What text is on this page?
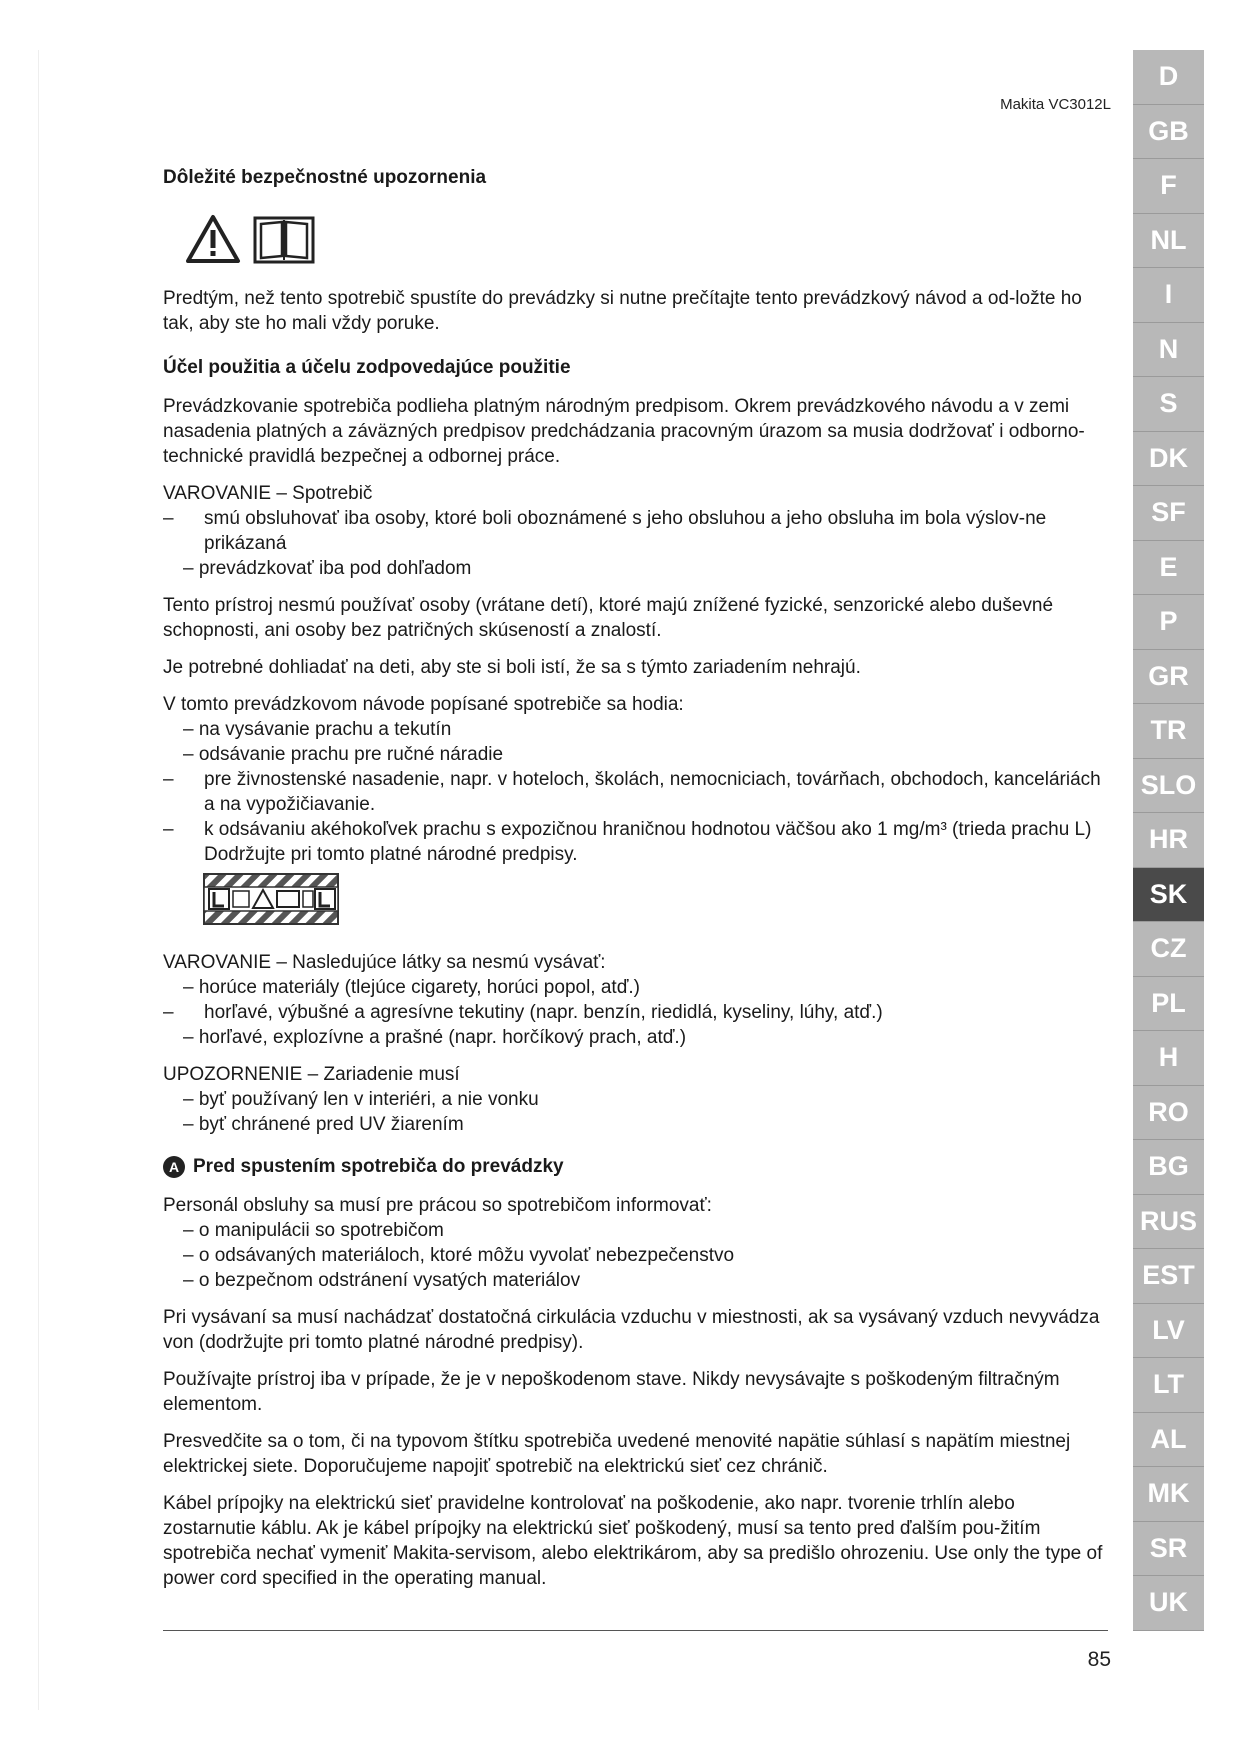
Makita VC3012L
Dôležité bezpečnostné upozornenia

Predtým, než tento spotrebič spustíte do prevádzky si nutne prečítajte tento prevádzkový návod a od-ložte ho tak, aby ste ho mali vždy poruke.

Účel použitia a účelu zodpovedajúce použitie

Prevádzkovanie spotrebiča podlieha platným národným predpisom. Okrem prevádzkového návodu a v zemi nasadenia platných a záväzných predpisov predchádzania pracovným úrazom sa musia dodržovať i odborno-technické pravidlá bezpečnej a odbornej práce.

VAROVANIE – Spotrebič
–	smú obsluhovať iba osoby, ktoré boli oboznámené s jeho obsluhou a jeho obsluha im bola výslov-ne prikázaná
– prevádzkovať iba pod dohľadom

Tento prístroj nesmú používať osoby (vrátane detí), ktoré majú znížené fyzické, senzorické alebo duševné schopnosti, ani osoby bez patričných skúseností a znalostí.

Je potrebné dohliadať na deti, aby ste si boli istí, že sa s týmto zariadením nehrajú.

V tomto prevádzkovom návode popísané spotrebiče sa hodia:
– na vysávanie prachu a tekutín
– odsávanie prachu pre ručné náradie
–	pre živnostenské nasadenie, napr. v hoteloch, školách, nemocniciach, továrňach, obchodoch, kanceláriách a na vypožičiavanie.
–	k odsávaniu akéhokoľvek prachu s expozičnou hraničnou hodnotou väčšou ako 1 mg/m³ (trieda prachu L) Dodržujte pri tomto platné národné predpisy.
VAROVANIE – Nasledujúce látky sa nesmú vysávať:
– horúce materiály (tlejúce cigarety, horúci popol, atď.)
–	horľavé, výbušné a agresívne tekutiny (napr. benzín, riedidlá, kyseliny, lúhy, atď.)
– horľavé, explozívne a prašné (napr. horčíkový prach, atď.)
UPOZORNENIE – Zariadenie musí
– byť používaný len v interiéri, a nie vonku
– byť chránené pred UV žiarením
A Pred spustením spotrebiča do prevádzky
Personál obsluhy sa musí pre prácou so spotrebičom informovať:
– o manipulácii so spotrebičom
– o odsávaných materiáloch, ktoré môžu vyvolať nebezpečenstvo
– o bezpečnom odstránení vysatých materiálov

Pri vysávaní sa musí nachádzať dostatočná cirkulácia vzduchu v miestnosti, ak sa vysávaný vzduch nevyvádza von (dodržujte pri tomto platné národné predpisy).

Používajte prístroj iba v prípade, že je v nepoškodenom stave. Nikdy nevysávajte s poškodeným filtračným elementom.

Presvedčite sa o tom, či na typovom štítku spotrebiča uvedené menovité napätie súhlasí s napätím miestnej elektrickej siete. Doporučujeme napojiť spotrebič na elektrickú sieť cez chránič.

Kábel prípojky na elektrickú sieť pravidelne kontrolovať na poškodenie, ako napr. tvorenie trhlín alebo zostarnutie káblu. Ak je kábel prípojky na elektrickú sieť poškodený, musí sa tento pred ďalším pou-žitím spotrebiča nechať vymeniť Makita-servisom, alebo elektrikárom, aby sa predišlo ohrozeniu. Use only the type of power cord specified in the operating manual.

85
D
GB
F
NL
I
N
S
DK
SF
E
P
GR
TR
SLO
HR
SK
CZ
PL
H
RO
BG
RUS
EST
LV
LT
AL
MK
SR
UK
